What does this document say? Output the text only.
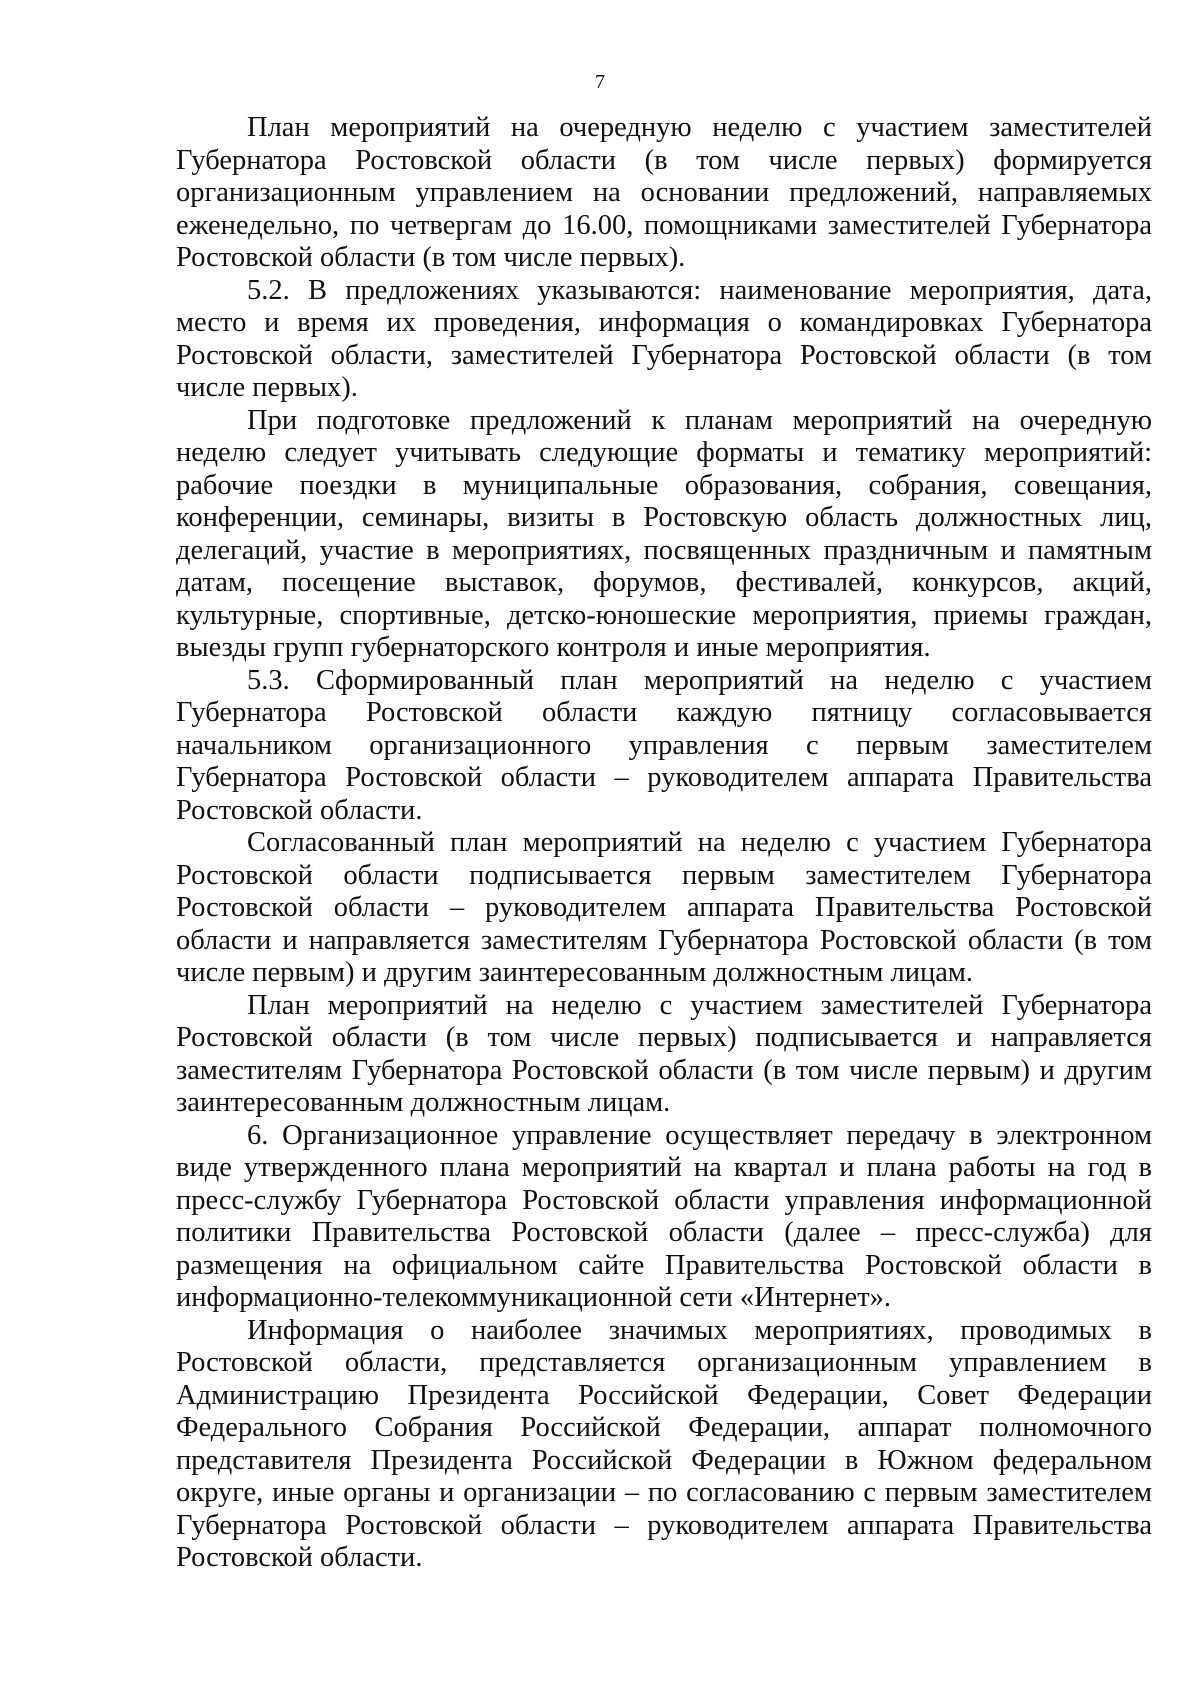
7

План мероприятий на очередную неделю с участием заместителей Губернатора Ростовской области (в том числе первых) формируется организационным управлением на основании предложений, направляемых еженедельно, по четвергам до 16.00, помощниками заместителей Губернатора Ростовской области (в том числе первых).

5.2. В предложениях указываются: наименование мероприятия, дата, место и время их проведения, информация о командировках Губернатора Ростовской области, заместителей Губернатора Ростовской области (в том числе первых).

При подготовке предложений к планам мероприятий на очередную неделю следует учитывать следующие форматы и тематику мероприятий: рабочие поездки в муниципальные образования, собрания, совещания, конференции, семинары, визиты в Ростовскую область должностных лиц, делегаций, участие в мероприятиях, посвященных праздничным и памятным датам, посещение выставок, форумов, фестивалей, конкурсов, акций, культурные, спортивные, детско-юношеские мероприятия, приемы граждан, выезды групп губернаторского контроля и иные мероприятия.

5.3. Сформированный план мероприятий на неделю с участием Губернатора Ростовской области каждую пятницу согласовывается начальником организационного управления с первым заместителем Губернатора Ростовской области – руководителем аппарата Правительства Ростовской области.

Согласованный план мероприятий на неделю с участием Губернатора Ростовской области подписывается первым заместителем Губернатора Ростовской области – руководителем аппарата Правительства Ростовской области и направляется заместителям Губернатора Ростовской области (в том числе первым) и другим заинтересованным должностным лицам.

План мероприятий на неделю с участием заместителей Губернатора Ростовской области (в том числе первых) подписывается и направляется заместителям Губернатора Ростовской области (в том числе первым) и другим заинтересованным должностным лицам.

6. Организационное управление осуществляет передачу в электронном виде утвержденного плана мероприятий на квартал и плана работы на год в пресс-службу Губернатора Ростовской области управления информационной политики Правительства Ростовской области (далее – пресс-служба) для размещения на официальном сайте Правительства Ростовской области в информационно-телекоммуникационной сети «Интернет».

Информация о наиболее значимых мероприятиях, проводимых в Ростовской области, представляется организационным управлением в Администрацию Президента Российской Федерации, Совет Федерации Федерального Собрания Российской Федерации, аппарат полномочного представителя Президента Российской Федерации в Южном федеральном округе, иные органы и организации – по согласованию с первым заместителем Губернатора Ростовской области – руководителем аппарата Правительства Ростовской области.
